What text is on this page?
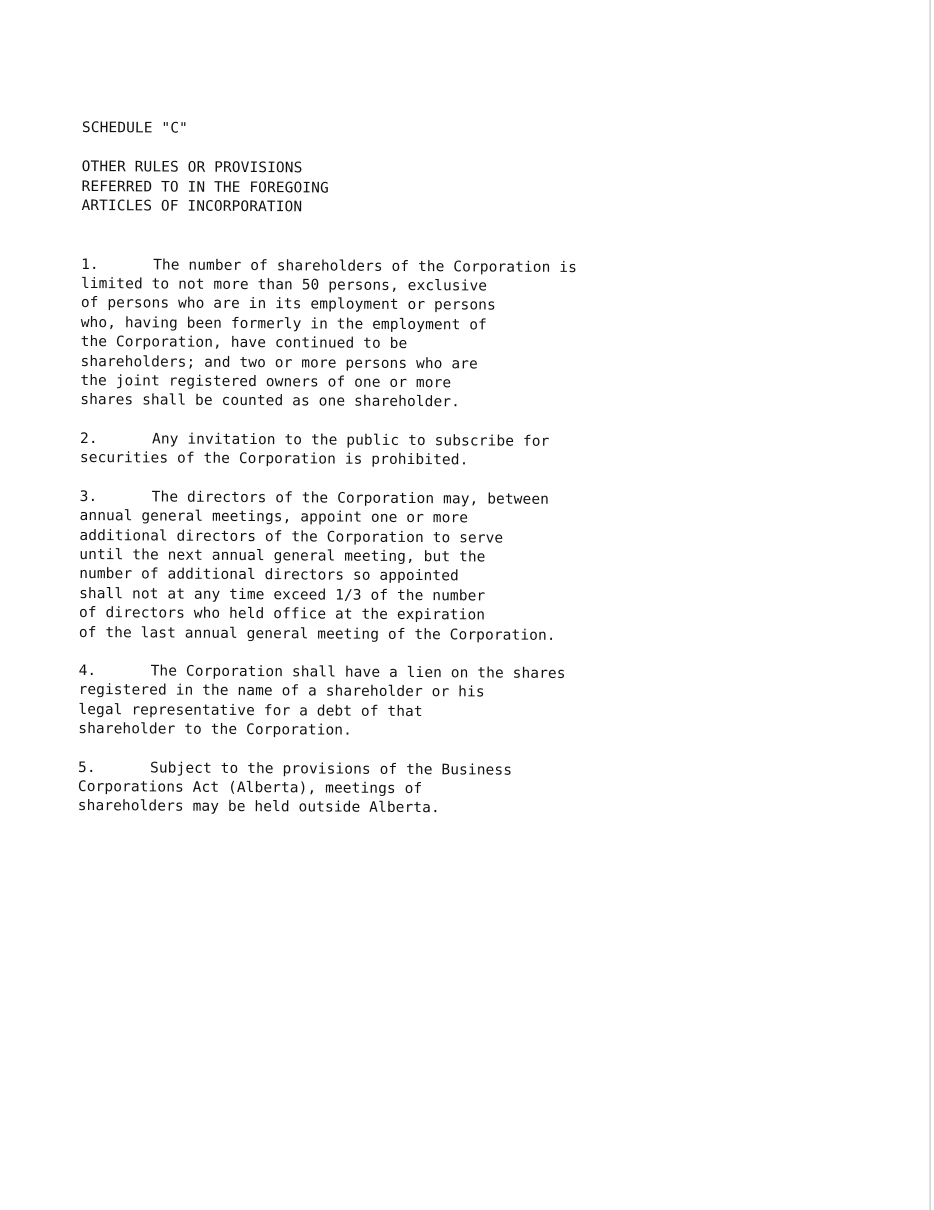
SCHEDULE "C"
OTHER RULES OR PROVISIONS
REFERRED TO IN THE FOREGOING
ARTICLES OF INCORPORATION
1.	The number of shareholders of the Corporation is
limited to not more than 50 persons, exclusive
of persons who are in its employment or persons
who, having been formerly in the employment of
the Corporation, have continued to be
shareholders; and two or more persons who are
the joint registered owners of one or more
shares shall be counted as one shareholder.
2.	Any invitation to the public to subscribe for
securities of the Corporation is prohibited.
3.	The directors of the Corporation may, between
annual general meetings, appoint one or more
additional directors of the Corporation to serve
until the next annual general meeting, but the
number of additional directors so appointed
shall not at any time exceed 1/3 of the number
of directors who held office at the expiration
of the last annual general meeting of the Corporation.
4.	The Corporation shall have a lien on the shares
registered in the name of a shareholder or his
legal representative for a debt of that
shareholder to the Corporation.
5.	Subject to the provisions of the Business
Corporations Act (Alberta), meetings of
shareholders may be held outside Alberta.
